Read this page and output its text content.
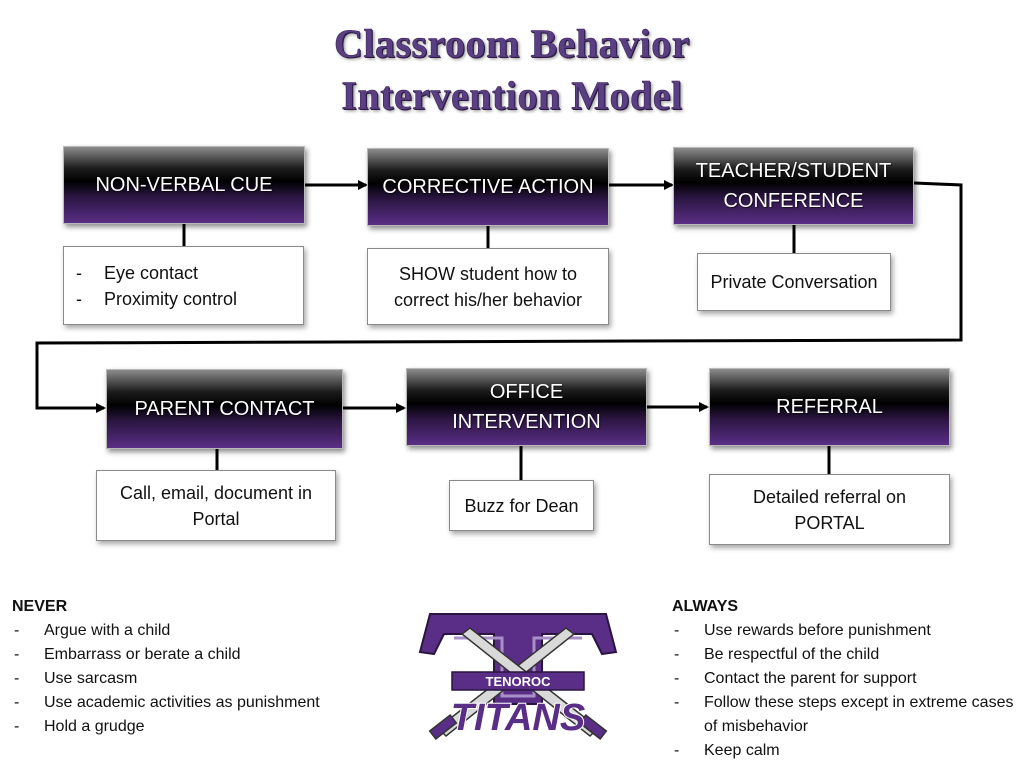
Classroom Behavior
Intervention Model
NON-VERBAL CUE
- Eye contact
- Proximity control
CORRECTIVE ACTION
SHOW student how to correct his/her behavior
TEACHER/STUDENT
CONFERENCE
Private Conversation
PARENT CONTACT
Call, email, document in Portal
OFFICE
INTERVENTION
Buzz for Dean
REFERRAL
Detailed referral on PORTAL
NEVER
- Argue with a child
- Embarrass or berate a child
- Use sarcasm
- Use academic activities as punishment
- Hold a grudge
ALWAYS
- Use rewards before punishment
- Be respectful of the child
- Contact the parent for support
- Follow these steps except in extreme cases of misbehavior
- Keep calm
TENOROC
TITANS
